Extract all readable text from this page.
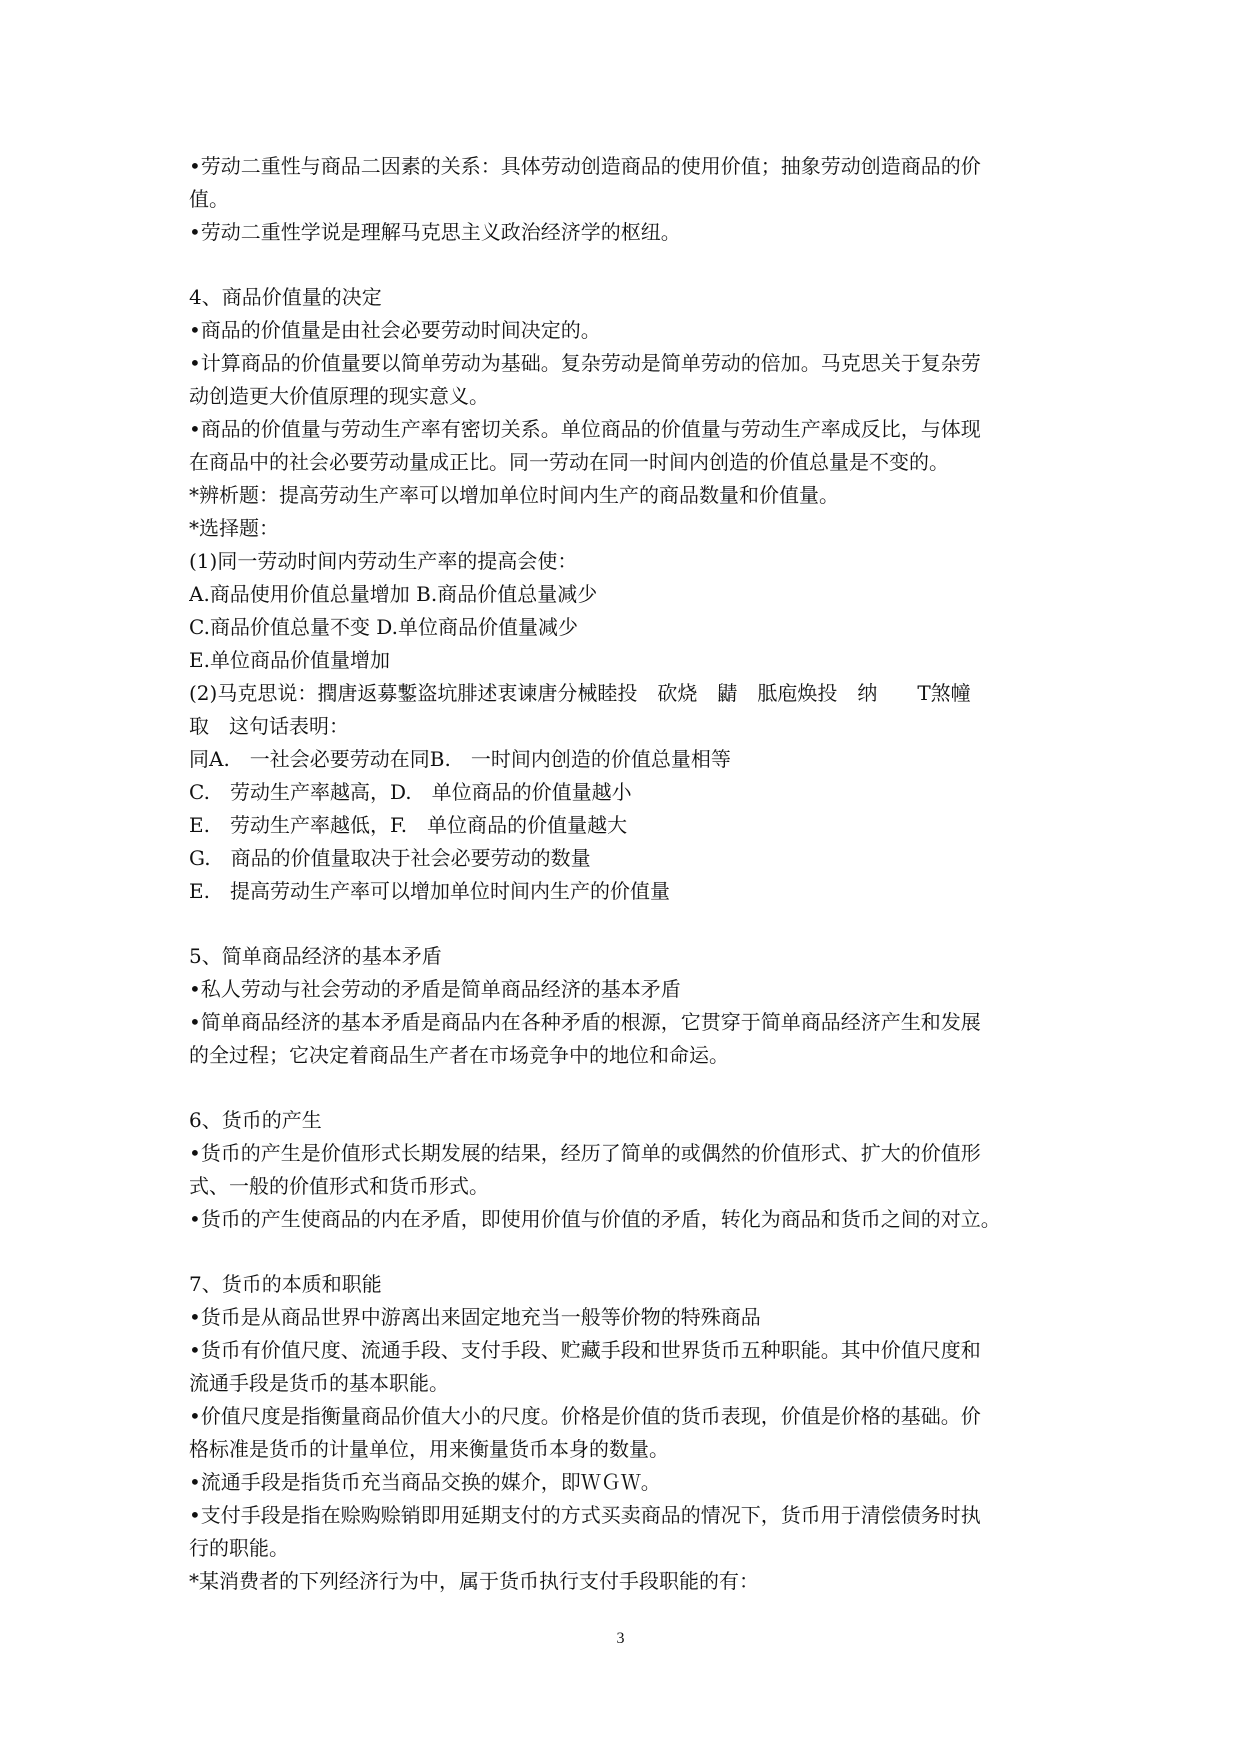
•劳动二重性与商品二因素的关系：具体劳动创造商品的使用价值；抽象劳动创造商品的价
值。
•劳动二重性学说是理解马克思主义政治经济学的枢纽。
4、商品价值量的决定
•商品的价值量是由社会必要劳动时间决定的。
•计算商品的价值量要以简单劳动为基础。复杂劳动是简单劳动的倍加。马克思关于复杂劳
动创造更大价值原理的现实意义。
•商品的价值量与劳动生产率有密切关系。单位商品的价值量与劳动生产率成反比，与体现
在商品中的社会必要劳动量成正比。同一劳动在同一时间内创造的价值总量是不变的。
*辨析题：提高劳动生产率可以增加单位时间内生产的商品数量和价值量。
*选择题：
(1)同一劳动时间内劳动生产率的提高会使：
A.商品使用价值总量增加 B.商品价值总量减少
C.商品价值总量不变 D.单位商品价值量减少
E.单位商品价值量增加
(2)马克思说：撋唐返募鏨盗坑腓述衷谏唐分械睦投　砍烧　鼱　胝庖焕投　纳　　T煞幢
取　这句话表明：
同A.　一社会必要劳动在同B.　一时间内创造的价值总量相等
C.　劳动生产率越高，D.　单位商品的价值量越小
E.　劳动生产率越低，F.　单位商品的价值量越大
G.　商品的价值量取决于社会必要劳动的数量
E.　提高劳动生产率可以增加单位时间内生产的价值量
5、简单商品经济的基本矛盾
•私人劳动与社会劳动的矛盾是简单商品经济的基本矛盾
•简单商品经济的基本矛盾是商品内在各种矛盾的根源，它贯穿于简单商品经济产生和发展
的全过程；它决定着商品生产者在市场竞争中的地位和命运。
6、货币的产生
•货币的产生是价值形式长期发展的结果，经历了简单的或偶然的价值形式、扩大的价值形
式、一般的价值形式和货币形式。
•货币的产生使商品的内在矛盾，即使用价值与价值的矛盾，转化为商品和货币之间的对立。
7、货币的本质和职能
•货币是从商品世界中游离出来固定地充当一般等价物的特殊商品
•货币有价值尺度、流通手段、支付手段、贮藏手段和世界货币五种职能。其中价值尺度和
流通手段是货币的基本职能。
•价值尺度是指衡量商品价值大小的尺度。价格是价值的货币表现，价值是价格的基础。价
格标准是货币的计量单位，用来衡量货币本身的数量。
•流通手段是指货币充当商品交换的媒介，即ＷＧＷ。
•支付手段是指在赊购赊销即用延期支付的方式买卖商品的情况下，货币用于清偿债务时执
行的职能。
*某消费者的下列经济行为中，属于货币执行支付手段职能的有：
3
